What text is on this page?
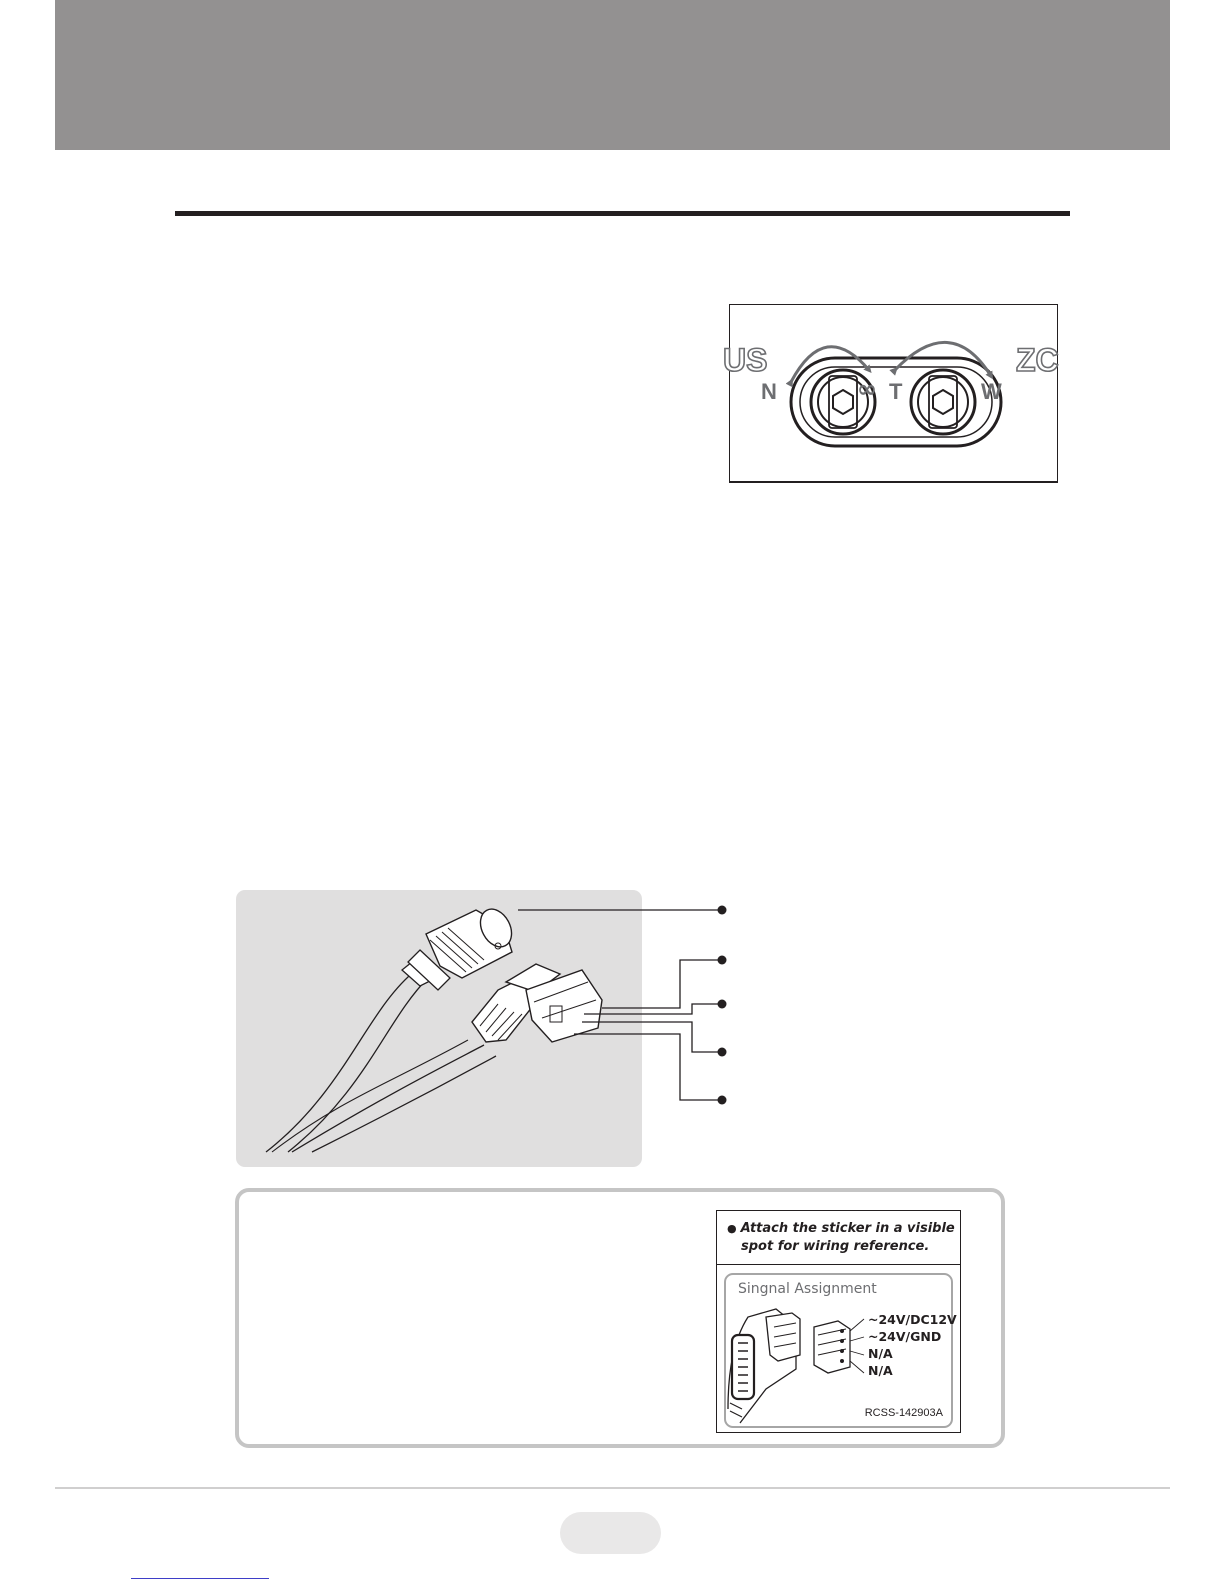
US	ZC
N	∞ T	W
● Attach the sticker in a visible
spot for wiring reference.
Singnal Assignment
~24V/DC12V
~24V/GND
N/A
N/A
RCSS-142903A
